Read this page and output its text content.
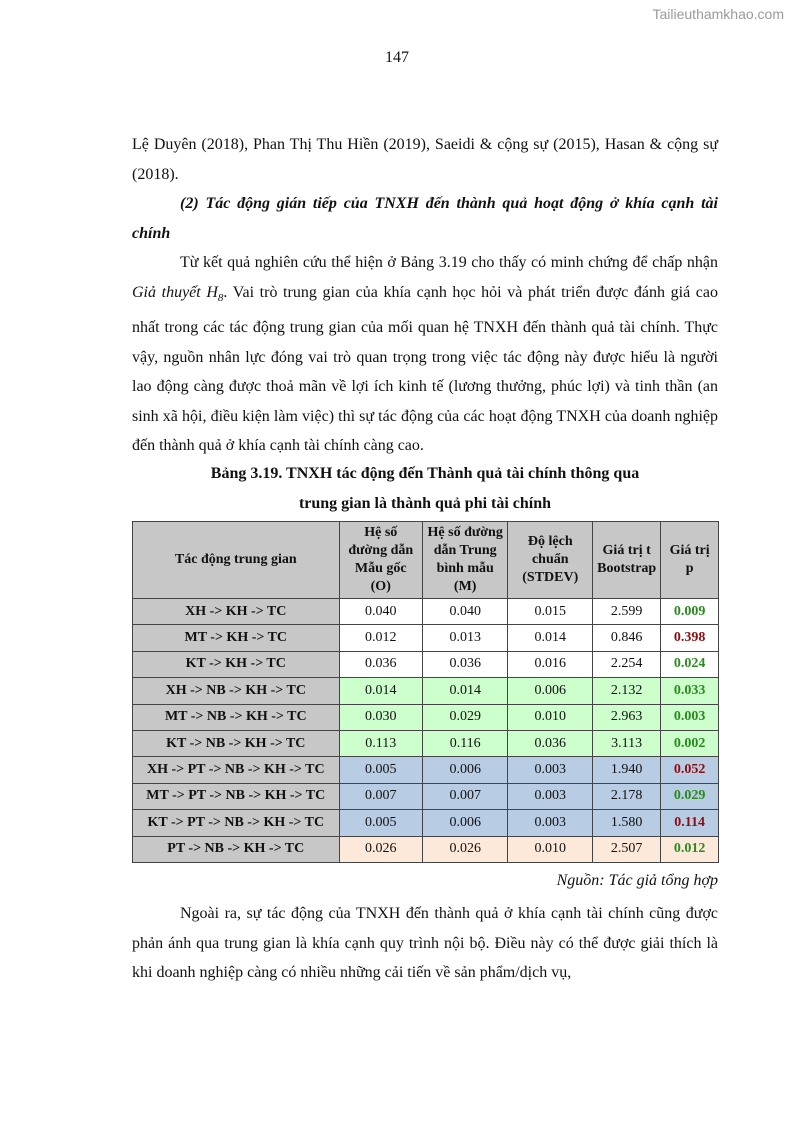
Tailieuthamkhao.com
147

Lệ Duyên (2018), Phan Thị Thu Hiền (2019), Saeidi & cộng sự (2015), Hasan & cộng sự (2018).

(2) Tác động gián tiếp của TNXH đến thành quả hoạt động ở khía cạnh tài chính

Từ kết quả nghiên cứu thể hiện ở Bảng 3.19 cho thấy có minh chứng để chấp nhận Giả thuyết $H_8$. Vai trò trung gian của khía cạnh học hỏi và phát triển được đánh giá cao nhất trong các tác động trung gian của mối quan hệ TNXH đến thành quả tài chính. Thực vậy, nguồn nhân lực đóng vai trò quan trọng trong việc tác động này được hiểu là người lao động càng được thoả mãn về lợi ích kinh tế (lương thưởng, phúc lợi) và tinh thần (an sinh xã hội, điều kiện làm việc) thì sự tác động của các hoạt động TNXH của doanh nghiệp đến thành quả ở khía cạnh tài chính càng cao.

Bảng 3.19. TNXH tác động đến Thành quả tài chính thông qua
trung gian là thành quả phi tài chính
Tác động trung gian	Hệ số đường dẫn Mẫu gốc (O)	Hệ số đường dẫn Trung bình mẫu (M)	Độ lệch chuẩn (STDEV)	Giá trị t Bootstrap	Giá trị p
XH -> KH -> TC	0.040	0.040	0.015	2.599	0.009
MT -> KH -> TC	0.012	0.013	0.014	0.846	0.398
KT -> KH -> TC	0.036	0.036	0.016	2.254	0.024
XH -> NB -> KH -> TC	0.014	0.014	0.006	2.132	0.033
MT -> NB -> KH -> TC	0.030	0.029	0.010	2.963	0.003
KT -> NB -> KH -> TC	0.113	0.116	0.036	3.113	0.002
XH -> PT -> NB -> KH -> TC	0.005	0.006	0.003	1.940	0.052
MT -> PT -> NB -> KH -> TC	0.007	0.007	0.003	2.178	0.029
KT -> PT -> NB -> KH -> TC	0.005	0.006	0.003	1.580	0.114
PT -> NB -> KH -> TC	0.026	0.026	0.010	2.507	0.012
Nguồn: Tác giả tổng hợp

Ngoài ra, sự tác động của TNXH đến thành quả ở khía cạnh tài chính cũng được phản ánh qua trung gian là khía cạnh quy trình nội bộ. Điều này có thể được giải thích là khi doanh nghiệp càng có nhiều những cải tiến về sản phẩm/dịch vụ,
